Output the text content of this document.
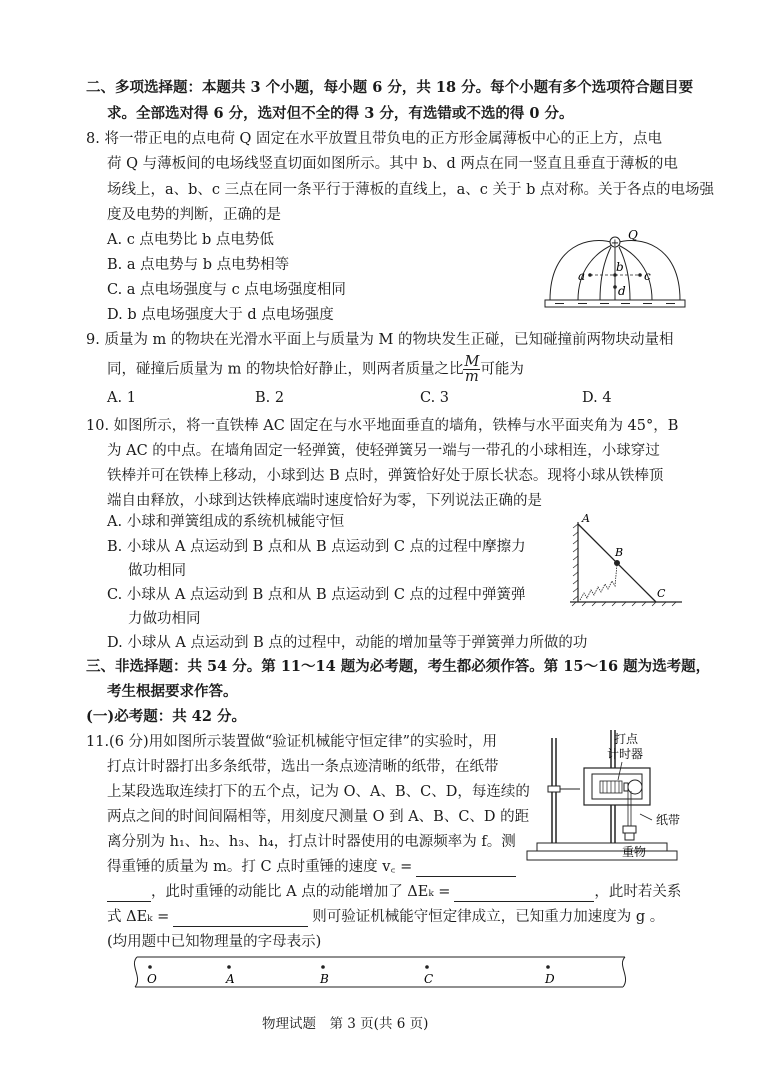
二、多项选择题：本题共 3 个小题，每小题 6 分，共 18 分。每个小题有多个选项符合题目要
求。全部选对得 6 分，选对但不全的得 3 分，有选错或不选的得 0 分。
8. 将一带正电的点电荷 Q 固定在水平放置且带负电的正方形金属薄板中心的正上方，点电
荷 Q 与薄板间的电场线竖直切面如图所示。其中 b、d 两点在同一竖直且垂直于薄板的电
场线上，a、b、c 三点在同一条平行于薄板的直线上，a、c 关于 b 点对称。关于各点的电场强
度及电势的判断，正确的是
A. c 点电势比 b 点电势低
B. a 点电势与 b 点电势相等
C. a 点电场强度与 c 点电场强度相同
D. b 点电场强度大于 d 点电场强度
+
Q
a
b
c
d
9. 质量为 m 的物块在光滑水平面上与质量为 M 的物块发生正碰，已知碰撞前两物块动量相
同，碰撞后质量为 m 的物块恰好静止，则两者质量之比 $\frac{M}{m}$ 可能为
A. 1	B. 2	C. 3	D. 4
10. 如图所示，将一直铁棒 AC 固定在与水平地面垂直的墙角，铁棒与水平面夹角为 45°，B
为 AC 的中点。在墙角固定一轻弹簧，使轻弹簧另一端与一带孔的小球相连，小球穿过
铁棒并可在铁棒上移动，小球到达 B 点时，弹簧恰好处于原长状态。现将小球从铁棒顶
端自由释放，小球到达铁棒底端时速度恰好为零，下列说法正确的是
A. 小球和弹簧组成的系统机械能守恒
B. 小球从 A 点运动到 B 点和从 B 点运动到 C 点的过程中摩擦力
做功相同
C. 小球从 A 点运动到 B 点和从 B 点运动到 C 点的过程中弹簧弹
力做功相同
D. 小球从 A 点运动到 B 点的过程中，动能的增加量等于弹簧弹力所做的功
A
B
C
三、非选择题：共 54 分。第 11～14 题为必考题，考生都必须作答。第 15～16 题为选考题，
考生根据要求作答。
(一)必考题：共 42 分。
11.(6 分)用如图所示装置做“验证机械能守恒定律”的实验时，用
打点计时器打出多条纸带，选出一条点迹清晰的纸带，在纸带
上某段选取连续打下的五个点，记为 O、A、B、C、D，每连续的
两点之间的时间间隔相等，用刻度尺测量 O 到 A、B、C、D 的距
离分别为 h₁、h₂、h₃、h₄，打点计时器使用的电源频率为 f。测
得重锤的质量为 m。打 C 点时重锤的速度 v꜀ =
，此时重锤的动能比 A 点的动能增加了 ΔEₖ =	，此时若关系
式 ΔEₖ =	则可验证机械能守恒定律成立，已知重力加速度为 g 。
(均用题中已知物理量的字母表示)
打点
计时器
纸带
重物
O	A	B	C	D
物理试题　第 3 页(共 6 页)
